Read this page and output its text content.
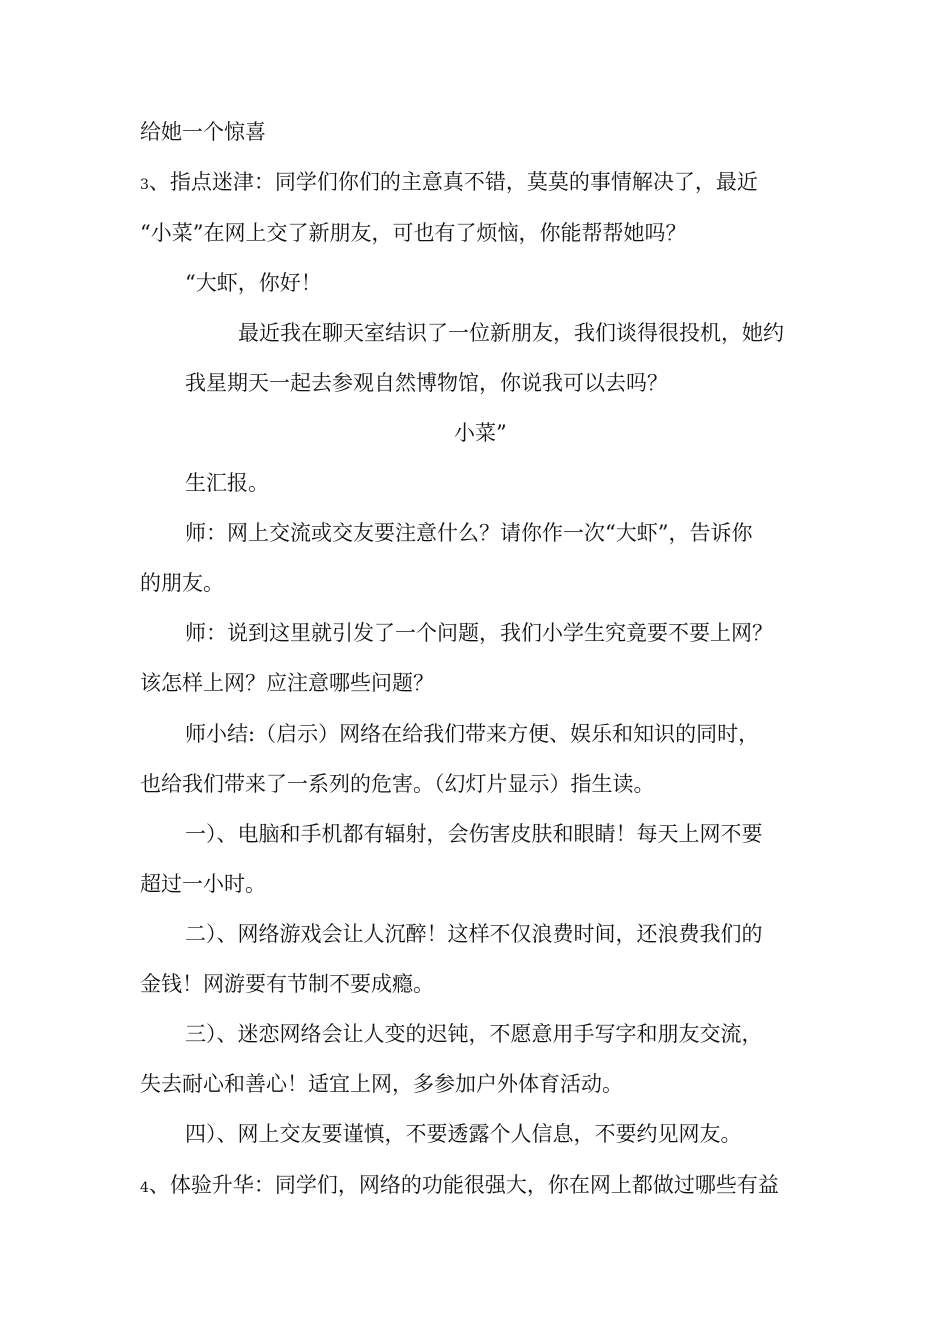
给她一个惊喜

3、指点迷津：同学们你们的主意真不错，莫莫的事情解决了，最近

“小菜”在网上交了新朋友，可也有了烦恼，你能帮帮她吗？

“大虾，你好！

最近我在聊天室结识了一位新朋友，我们谈得很投机，她约

我星期天一起去参观自然博物馆，你说我可以去吗？

小菜”

生汇报。

师：网上交流或交友要注意什么？请你作一次“大虾”，告诉你

的朋友。

师：说到这里就引发了一个问题，我们小学生究竟要不要上网？

该怎样上网？应注意哪些问题？

师小结:（启示）网络在给我们带来方便、娱乐和知识的同时，

也给我们带来了一系列的危害。（幻灯片显示）指生读。

一）、电脑和手机都有辐射，会伤害皮肤和眼睛！每天上网不要

超过一小时。

二）、网络游戏会让人沉醉！这样不仅浪费时间，还浪费我们的

金钱！网游要有节制不要成瘾。

三）、迷恋网络会让人变的迟钝，不愿意用手写字和朋友交流，

失去耐心和善心！适宜上网，多参加户外体育活动。

四）、网上交友要谨慎，不要透露个人信息，不要约见网友。

4、体验升华：同学们，网络的功能很强大，你在网上都做过哪些有益
